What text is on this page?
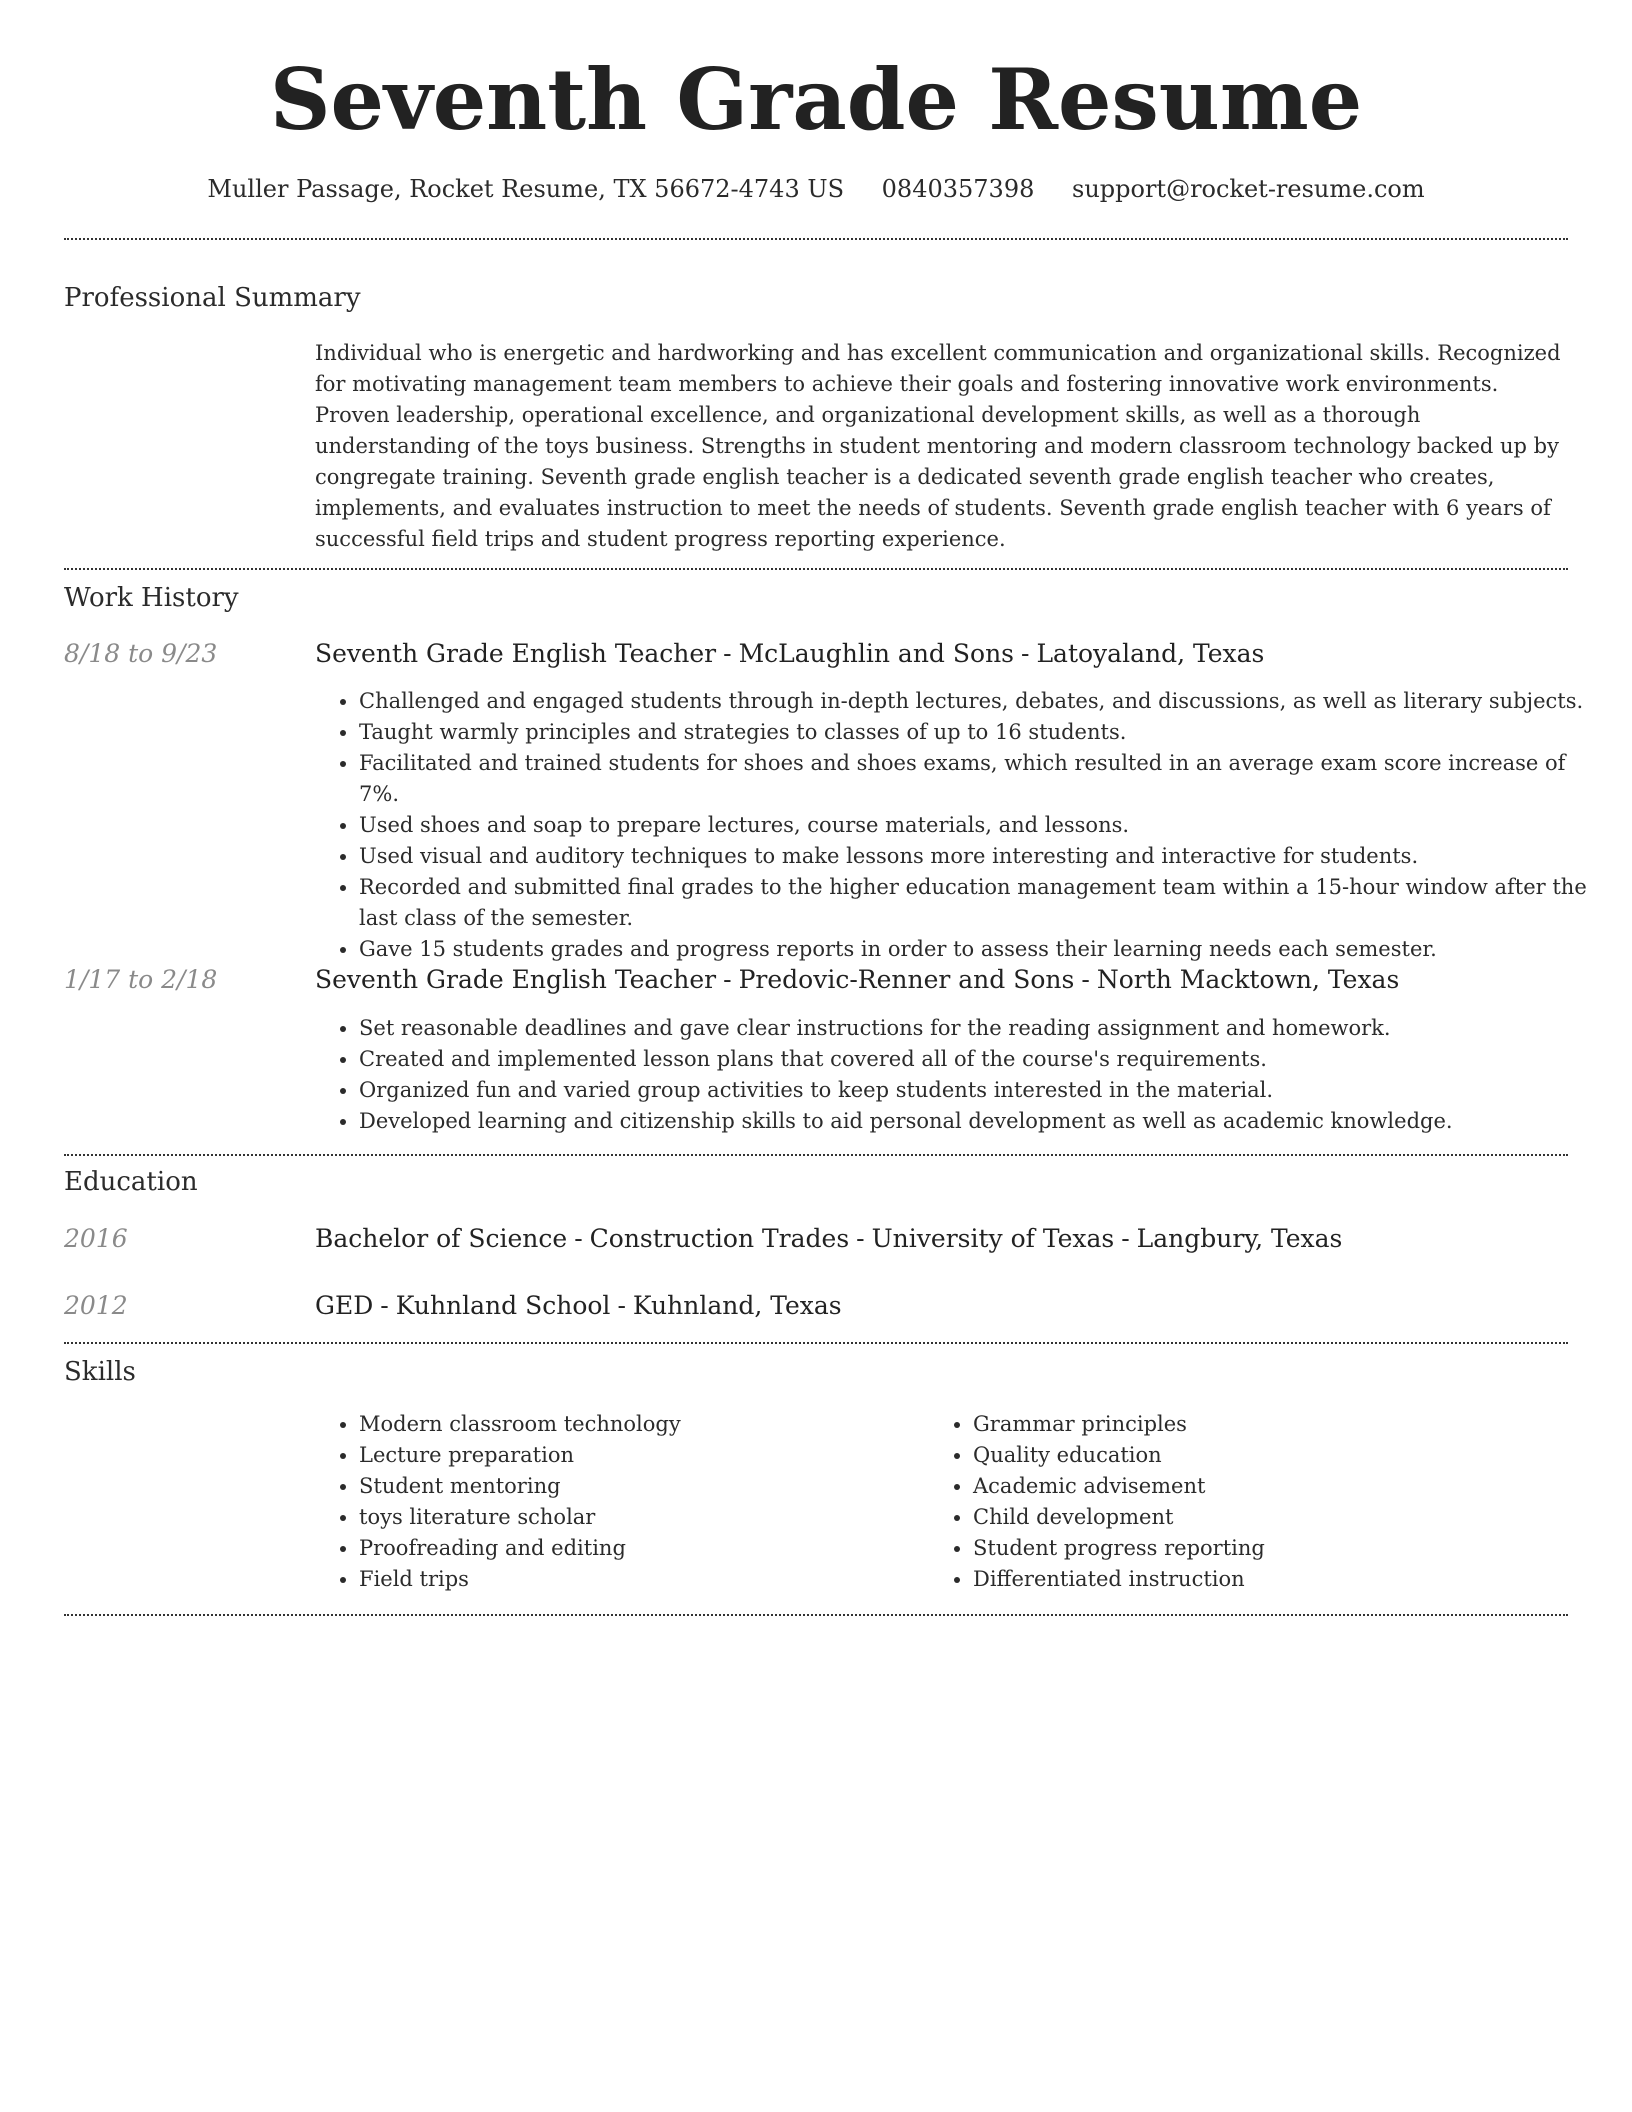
Seventh Grade Resume
Muller Passage, Rocket Resume, TX 56672-4743 US 0840357398 support@rocket-resume.com
Professional Summary

Individual who is energetic and hardworking and has excellent communication and organizational skills. Recognized for motivating management team members to achieve their goals and fostering innovative work environments. Proven leadership, operational excellence, and organizational development skills, as well as a thorough understanding of the toys business. Strengths in student mentoring and modern classroom technology backed up by congregate training. Seventh grade english teacher is a dedicated seventh grade english teacher who creates, implements, and evaluates instruction to meet the needs of students. Seventh grade english teacher with 6 years of successful field trips and student progress reporting experience.

Work History
8/18 to 9/23	Seventh Grade English Teacher - McLaughlin and Sons - Latoyaland, Texas
• Challenged and engaged students through in-depth lectures, debates, and discussions, as well as literary subjects.
• Taught warmly principles and strategies to classes of up to 16 students.
• Facilitated and trained students for shoes and shoes exams, which resulted in an average exam score increase of 7%.
• Used shoes and soap to prepare lectures, course materials, and lessons.
• Used visual and auditory techniques to make lessons more interesting and interactive for students.
• Recorded and submitted final grades to the higher education management team within a 15-hour window after the last class of the semester.
• Gave 15 students grades and progress reports in order to assess their learning needs each semester.
1/17 to 2/18	Seventh Grade English Teacher - Predovic-Renner and Sons - North Macktown, Texas
• Set reasonable deadlines and gave clear instructions for the reading assignment and homework.
• Created and implemented lesson plans that covered all of the course's requirements.
• Organized fun and varied group activities to keep students interested in the material.
• Developed learning and citizenship skills to aid personal development as well as academic knowledge.
Education
2016	Bachelor of Science - Construction Trades - University of Texas - Langbury, Texas
2012	GED - Kuhnland School - Kuhnland, Texas
Skills
• Modern classroom technology
• Lecture preparation
• Student mentoring
• toys literature scholar
• Proofreading and editing
• Field trips
• Grammar principles
• Quality education
• Academic advisement
• Child development
• Student progress reporting
• Differentiated instruction
